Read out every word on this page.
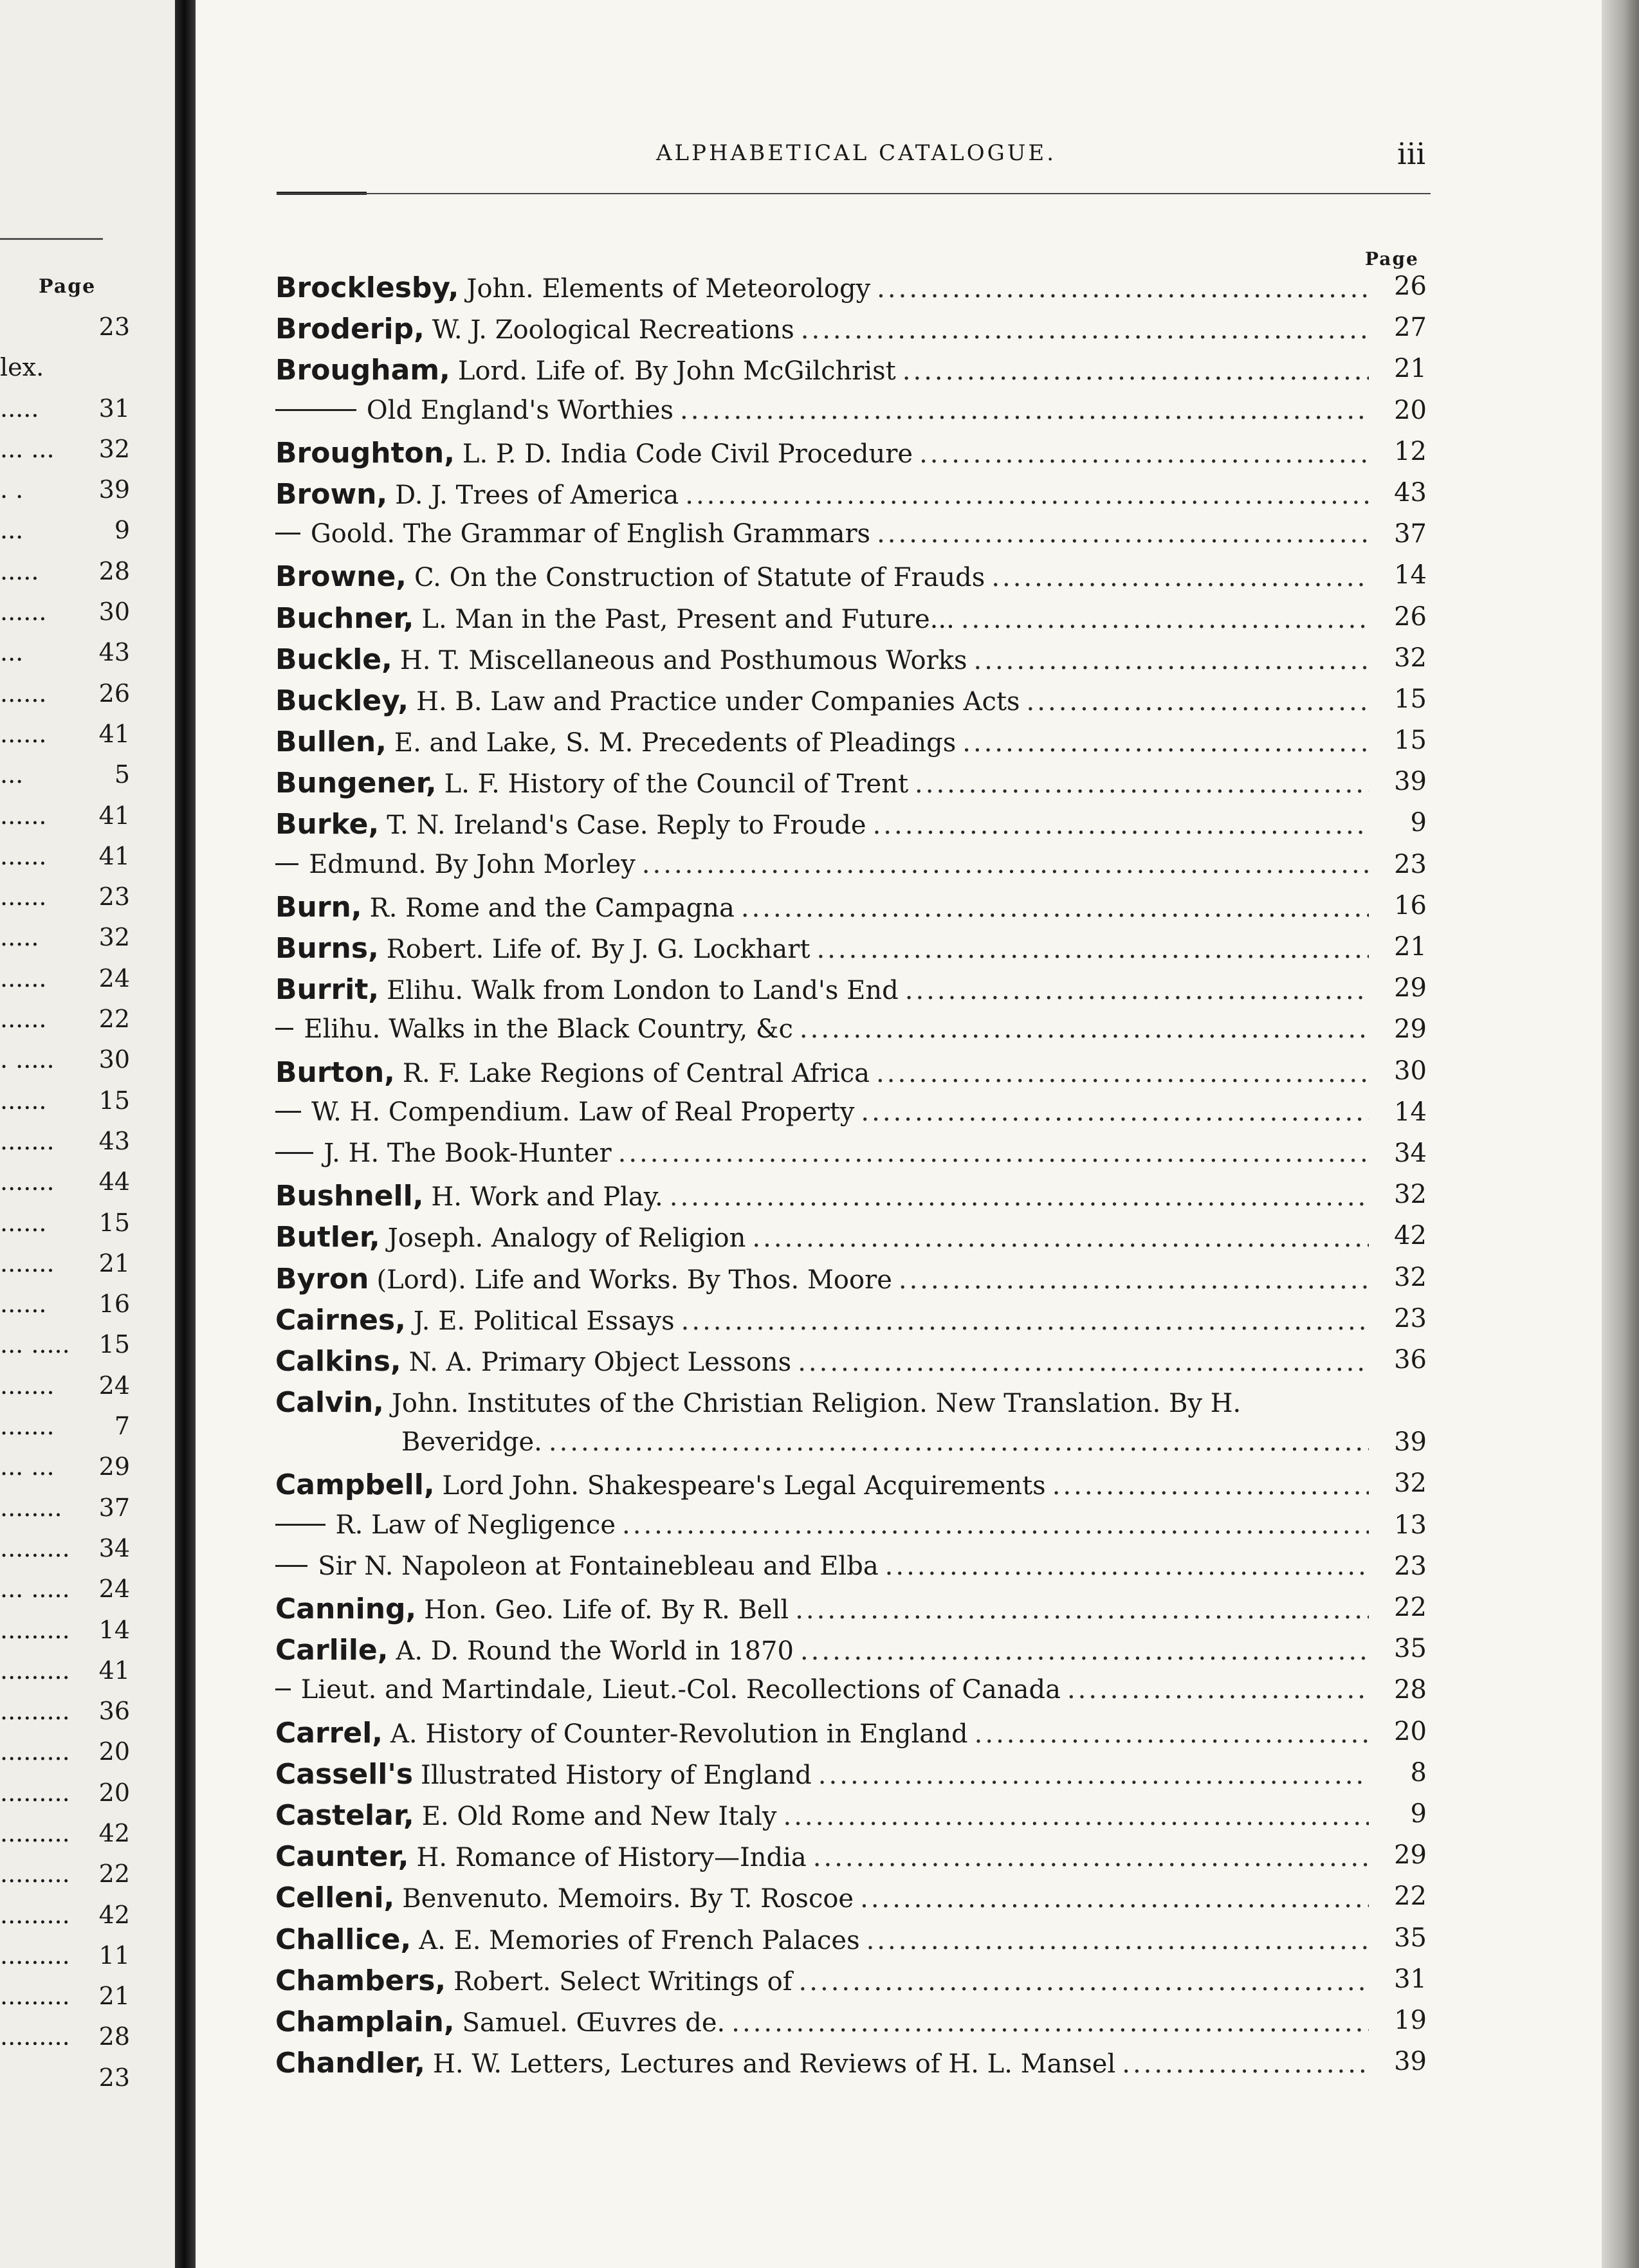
Page
23
lex.
..... 31
... ... 32
. .	39
...	9
..... 28
...... 30
...	43
...... 26
...... 41
...	5
...... 41
...... 41
...... 23
..... 32
...... 24
...... 22
. ..... 30
...... 15
....... 43
....... 44
...... 15
....... 21
...... 16
... ..... 15
....... 24
....... 7
... ... 29
........ 37
......... 34
... ..... 24
......... 14
......... 41
......... 36
......... 20
......... 20
......... 42
......... 22
......... 42
......... 11
......... 21
......... 28
23
ALPHABETICAL CATALOGUE.	iii
Page
Brocklesby, John. Elements of Meteorology .....	26
Broderip, W. J. Zoological Recreations .....	27
Brougham, Lord. Life of. By John McGilchrist .....	21
Old England's Worthies .....	20
Broughton, L. P. D. India Code Civil Procedure .....	12
Brown, D. J. Trees of America .....	43
Goold. The Grammar of English Grammars .....	37
Browne, C. On the Construction of Statute of Frauds .....	14
Buchner, L. Man in the Past, Present and Future... .....	26
Buckle, H. T. Miscellaneous and Posthumous Works .....	32
Buckley, H. B. Law and Practice under Companies Acts .....	15
Bullen, E. and Lake, S. M. Precedents of Pleadings .....	15
Bungener, L. F. History of the Council of Trent .....	39
Burke, T. N. Ireland's Case. Reply to Froude .....	9
Edmund. By John Morley .....	23
Burn, R. Rome and the Campagna .....	16
Burns, Robert. Life of. By J. G. Lockhart .....	21
Burrit, Elihu. Walk from London to Land's End .....	29
Elihu. Walks in the Black Country, &c .....	29
Burton, R. F. Lake Regions of Central Africa .....	30
W. H. Compendium. Law of Real Property .....	14
J. H. The Book-Hunter .....	34
Bushnell, H. Work and Play. .....	32
Butler, Joseph. Analogy of Religion .....	42
Byron (Lord). Life and Works. By Thos. Moore .....	32
Cairnes, J. E. Political Essays .....	23
Calkins, N. A. Primary Object Lessons .....	36
Calvin, John. Institutes of the Christian Religion. New Translation. By H.
Beveridge. .....	39
Campbell, Lord John. Shakespeare's Legal Acquirements .....	32
R. Law of Negligence .....	13
Sir N. Napoleon at Fontainebleau and Elba .....	23
Canning, Hon. Geo. Life of. By R. Bell .....	22
Carlile, A. D. Round the World in 1870 .....	35
Lieut. and Martindale, Lieut.-Col. Recollections of Canada .....	28
Carrel, A. History of Counter-Revolution in England .....	20
Cassell's Illustrated History of England .....	8
Castelar, E. Old Rome and New Italy .....	9
Caunter, H. Romance of History—India .....	29
Celleni, Benvenuto. Memoirs. By T. Roscoe .....	22
Challice, A. E. Memories of French Palaces .....	35
Chambers, Robert. Select Writings of .....	31
Champlain, Samuel. Œuvres de. .....	19
Chandler, H. W. Letters, Lectures and Reviews of H. L. Mansel .....	39
